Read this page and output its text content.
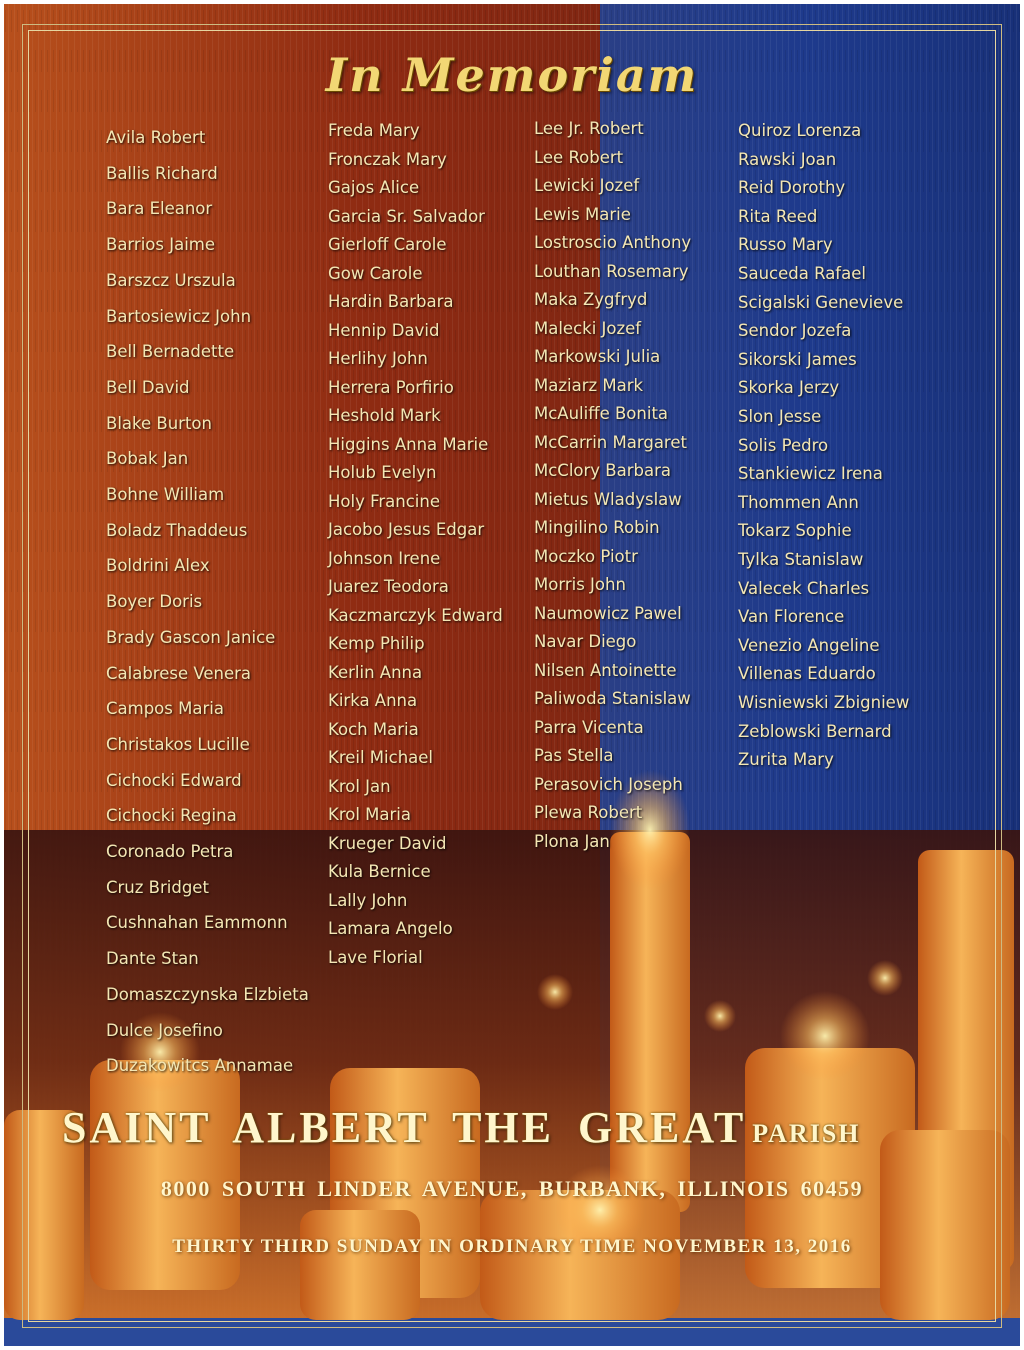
In Memoriam
Avila Robert
Ballis Richard
Bara Eleanor
Barrios Jaime
Barszcz Urszula
Bartosiewicz John
Bell Bernadette
Bell David
Blake Burton
Bobak Jan
Bohne William
Boladz Thaddeus
Boldrini Alex
Boyer Doris
Brady Gascon Janice
Calabrese Venera
Campos Maria
Christakos Lucille
Cichocki Edward
Cichocki Regina
Coronado Petra
Cruz Bridget
Cushnahan Eammonn
Dante Stan
Domaszczynska Elzbieta
Dulce Josefino
Duzakowitcs Annamae
Freda Mary
Fronczak Mary
Gajos Alice
Garcia Sr. Salvador
Gierloff Carole
Gow Carole
Hardin Barbara
Hennip David
Herlihy John
Herrera Porfirio
Heshold Mark
Higgins Anna Marie
Holub Evelyn
Holy Francine
Jacobo Jesus Edgar
Johnson Irene
Juarez Teodora
Kaczmarczyk Edward
Kemp Philip
Kerlin Anna
Kirka Anna
Koch Maria
Kreil Michael
Krol Jan
Krol Maria
Krueger David
Kula Bernice
Lally John
Lamara Angelo
Lave Florial
Lee Jr. Robert
Lee Robert
Lewicki Jozef
Lewis Marie
Lostroscio Anthony
Louthan Rosemary
Maka Zygfryd
Malecki Jozef
Markowski Julia
Maziarz Mark
McAuliffe Bonita
McCarrin Margaret
McClory Barbara
Mietus Wladyslaw
Mingilino Robin
Moczko Piotr
Morris John
Naumowicz Pawel
Navar Diego
Nilsen Antoinette
Paliwoda Stanislaw
Parra Vicenta
Pas Stella
Perasovich Joseph
Plewa Robert
Plona Jan
Quiroz Lorenza
Rawski Joan
Reid Dorothy
Rita Reed
Russo Mary
Sauceda Rafael
Scigalski Genevieve
Sendor Jozefa
Sikorski James
Skorka Jerzy
Slon Jesse
Solis Pedro
Stankiewicz Irena
Thommen Ann
Tokarz Sophie
Tylka Stanislaw
Valecek Charles
Van Florence
Venezio Angeline
Villenas Eduardo
Wisniewski Zbigniew
Zeblowski Bernard
Zurita Mary
SAINT ALBERT THE GREAT PARISH
8000 SOUTH LINDER AVENUE, BURBANK, ILLINOIS 60459
THIRTY THIRD SUNDAY IN ORDINARY TIME NOVEMBER 13, 2016
